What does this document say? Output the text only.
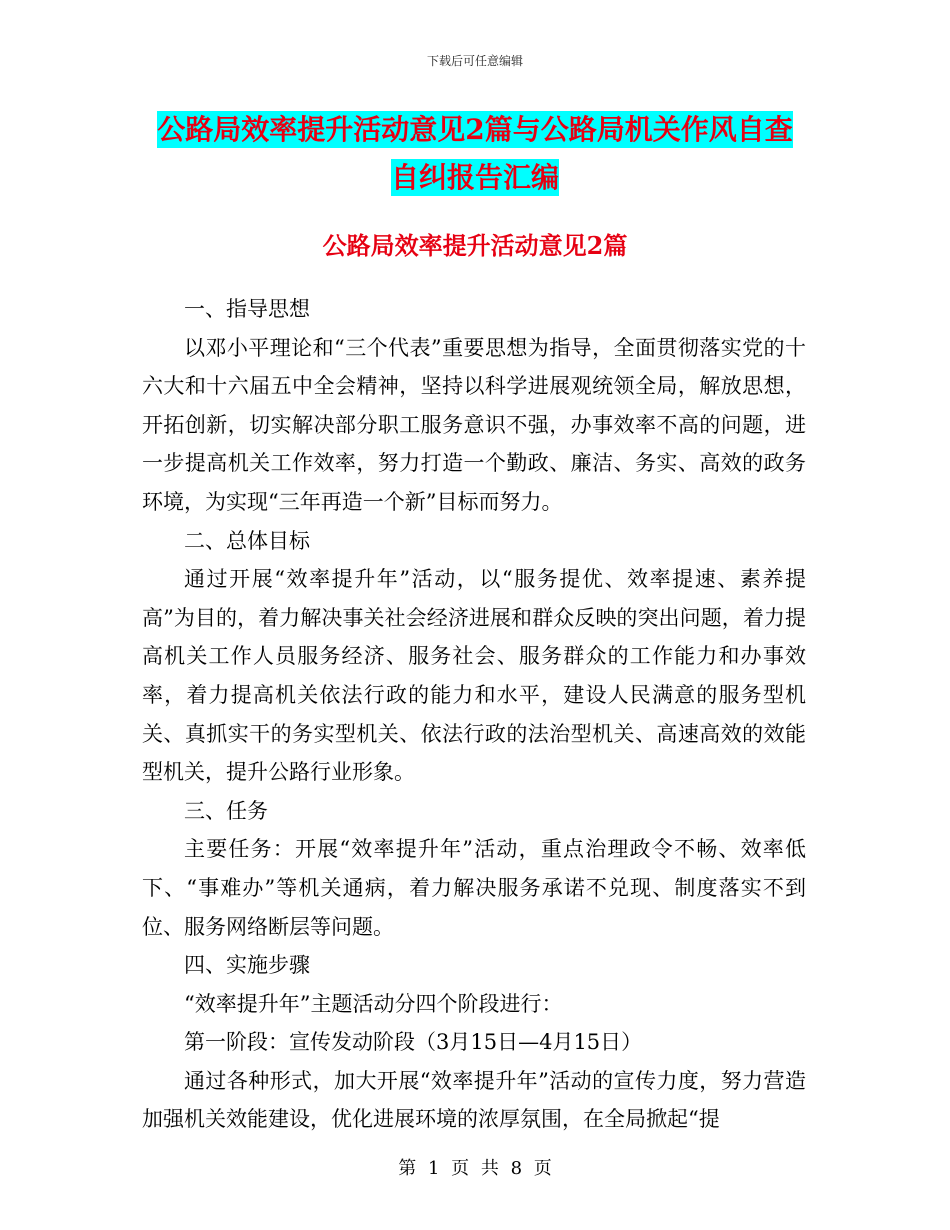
下载后可任意编辑
公路局效率提升活动意见2篇与公路局机关作风自查
自纠报告汇编
公路局效率提升活动意见2篇

一、指导思想

以邓小平理论和“三个代表”重要思想为指导，全面贯彻落实党的十六大和十六届五中全会精神，坚持以科学进展观统领全局，解放思想，开拓创新，切实解决部分职工服务意识不强，办事效率不高的问题，进一步提高机关工作效率，努力打造一个勤政、廉洁、务实、高效的政务环境，为实现“三年再造一个新”目标而努力。

二、总体目标

通过开展“效率提升年”活动，以“服务提优、效率提速、素养提高”为目的，着力解决事关社会经济进展和群众反映的突出问题，着力提高机关工作人员服务经济、服务社会、服务群众的工作能力和办事效率，着力提高机关依法行政的能力和水平，建设人民满意的服务型机关、真抓实干的务实型机关、依法行政的法治型机关、高速高效的效能型机关，提升公路行业形象。

三、任务

主要任务：开展“效率提升年”活动，重点治理政令不畅、效率低下、“事难办”等机关通病，着力解决服务承诺不兑现、制度落实不到位、服务网络断层等问题。

四、实施步骤

“效率提升年”主题活动分四个阶段进行：

第一阶段：宣传发动阶段（3月15日—4月15日）

通过各种形式，加大开展“效率提升年”活动的宣传力度，努力营造加强机关效能建设，优化进展环境的浓厚氛围，在全局掀起“提

第 1 页 共 8 页
